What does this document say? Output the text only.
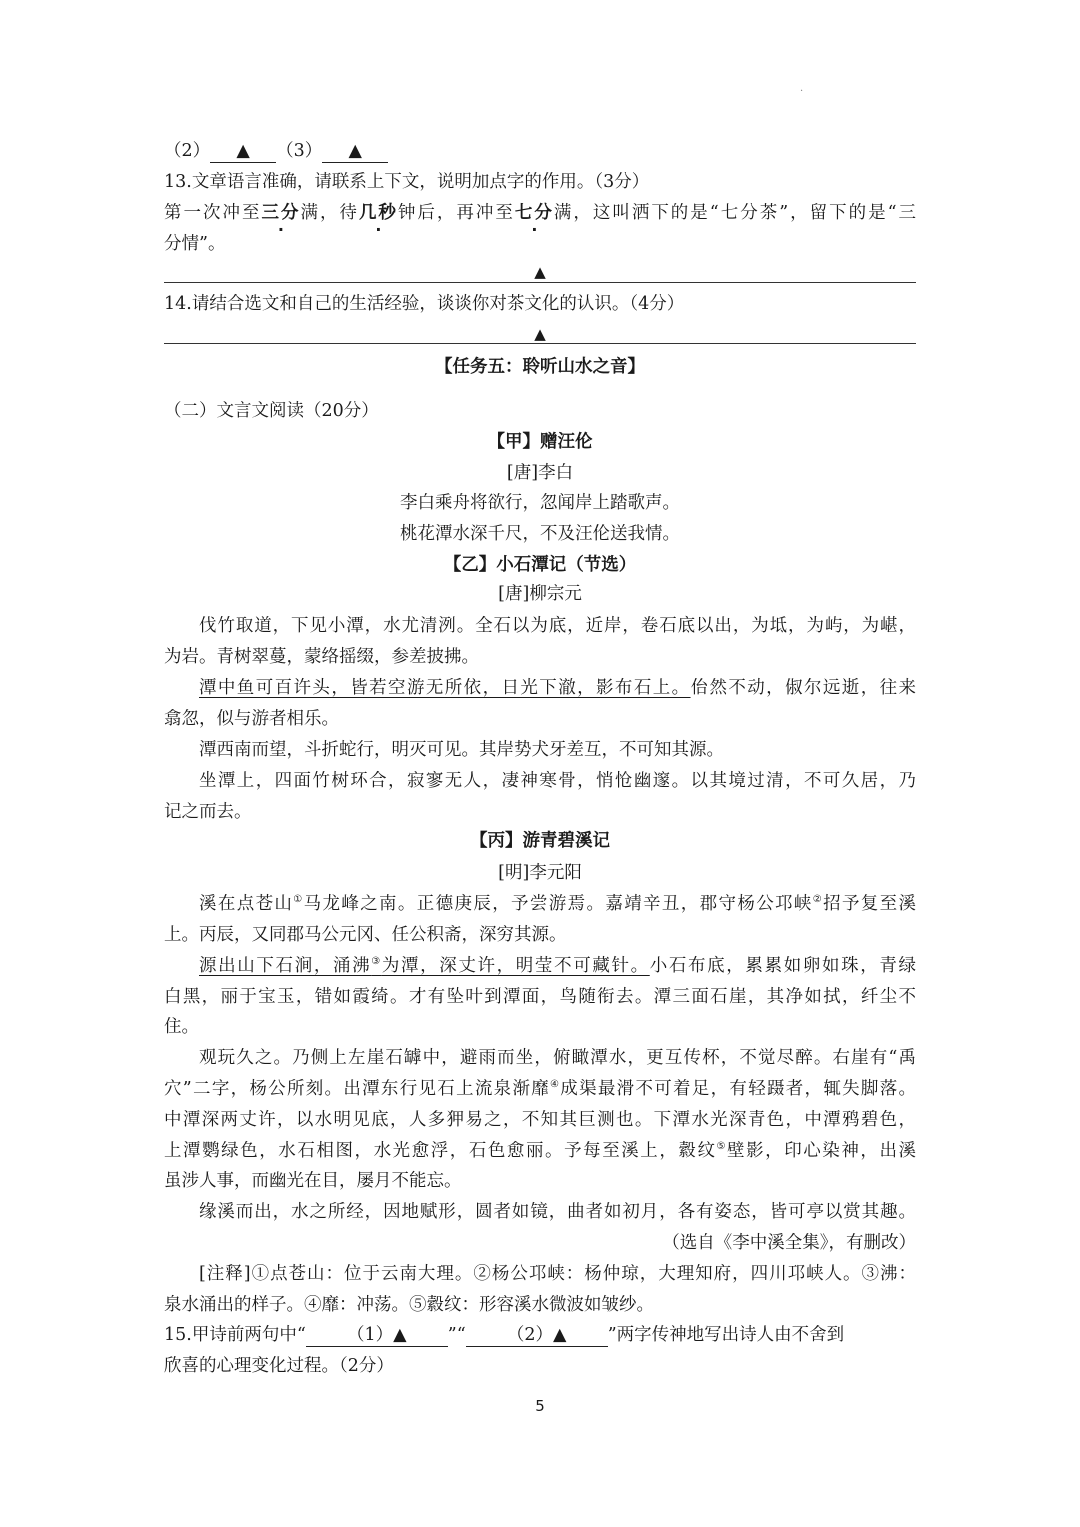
·
（2） ▲ （3） ▲
13.文章语言准确，请联系上下文，说明加点字的作用。（3分）
第一次冲至三分满，待几秒钟后，再冲至七分满，这叫洒下的是“七分茶”，留下的是“三
分情”。
▲
14.请结合选文和自己的生活经验，谈谈你对茶文化的认识。（4分）
▲
【任务五：聆听山水之音】
（二）文言文阅读（20分）
【甲】赠汪伦
[唐]李白
李白乘舟将欲行，忽闻岸上踏歌声。
桃花潭水深千尺，不及汪伦送我情。
【乙】小石潭记（节选）
[唐]柳宗元
伐竹取道，下见小潭，水尤清洌。全石以为底，近岸，卷石底以出，为坻，为屿，为嵁，
为岩。青树翠蔓，蒙络摇缀，参差披拂。
潭中鱼可百许头，皆若空游无所依，日光下澈，影布石上。佁然不动，俶尔远逝，往来
翕忽，似与游者相乐。
潭西南而望，斗折蛇行，明灭可见。其岸势犬牙差互，不可知其源。
坐潭上，四面竹树环合，寂寥无人，凄神寒骨，悄怆幽邃。以其境过清，不可久居，乃
记之而去。
【丙】游青碧溪记
[明]李元阳
溪在点苍山①马龙峰之南。正德庚辰，予尝游焉。嘉靖辛丑，郡守杨公邛峡②招予复至溪
上。丙辰，又同郡马公元冈、任公积斋，深穷其源。
源出山下石涧，涌沸③为潭，深丈许，明莹不可藏针。小石布底，累累如卵如珠，青绿
白黑，丽于宝玉，错如霞绮。才有坠叶到潭面，鸟随衔去。潭三面石崖，其净如拭，纤尘不
住。
观玩久之。乃侧上左崖石罅中，避雨而坐，俯瞰潭水，更互传杯，不觉尽醉。右崖有“禹
穴”二字，杨公所刻。出潭东行见石上流泉渐靡④成渠最滑不可着足，有轻蹑者，辄失脚落。
中潭深两丈许，以水明见底，人多狎易之，不知其巨测也。下潭水光深青色，中潭鸦碧色，
上潭鹦绿色，水石相图，水光愈浮，石色愈丽。予每至溪上，縠纹⑤壁影，印心染神，出溪
虽涉人事，而幽光在目，屡月不能忘。
缘溪而出，水之所经，因地赋形，圆者如镜，曲者如初月，各有姿态，皆可亭以赏其趣。
（选自《李中溪全集》，有删改）
[注释]①点苍山：位于云南大理。②杨公邛峡：杨仲琼，大理知府，四川邛峡人。③沸：
泉水涌出的样子。④靡：冲荡。⑤縠纹：形容溪水微波如皱纱。
15.甲诗前两句中“ （1）▲ ”“ （2）▲ ”两字传神地写出诗人由不舍到
欣喜的心理变化过程。（2分）
5
